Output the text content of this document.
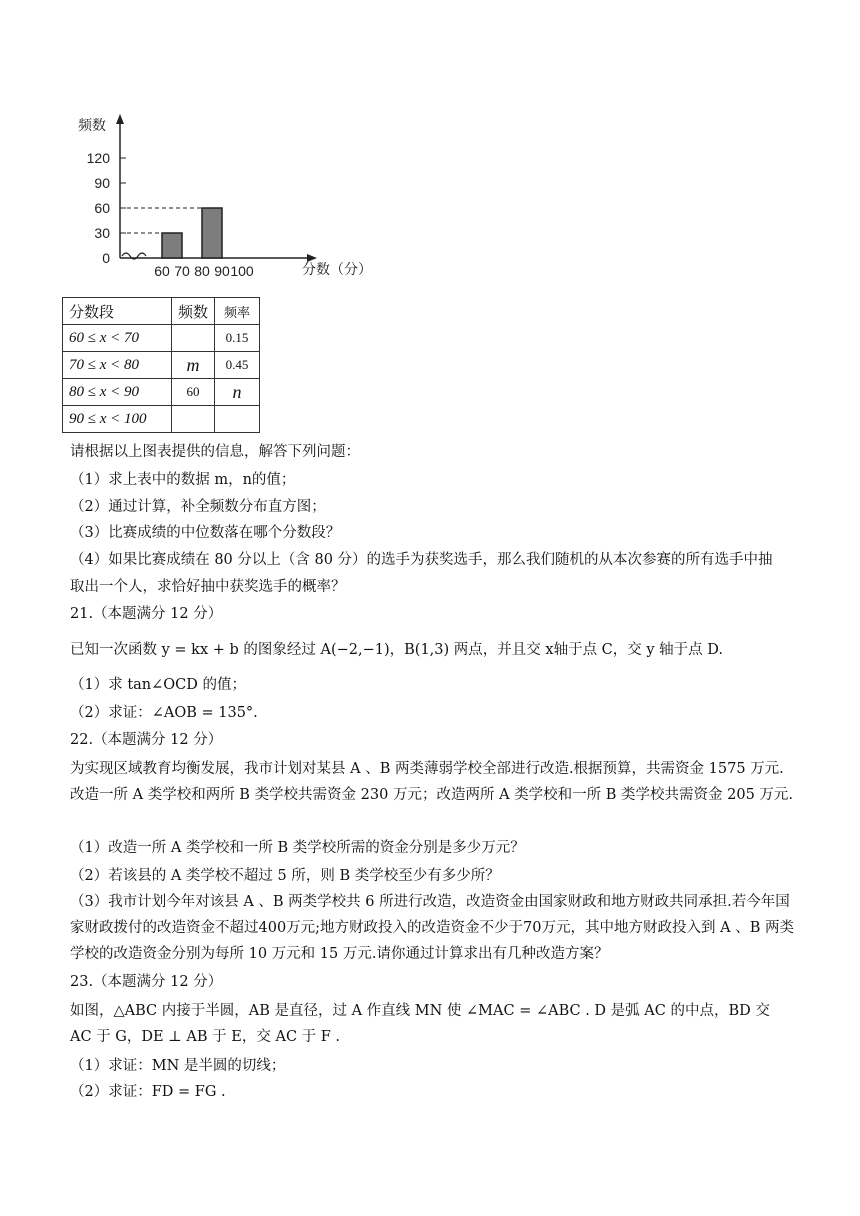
频数
分数（分）
0
30
60
90
120
60 70 80 90 100
分数段	频数	频率
60 ≤ x < 70		0.15
70 ≤ x < 80	m	0.45
80 ≤ x < 90	60	n
90 ≤ x < 100		
请根据以上图表提供的信息，解答下列问题：
（1）求上表中的数据 m，n的值；
（2）通过计算，补全频数分布直方图；
（3）比赛成绩的中位数落在哪个分数段？
（4）如果比赛成绩在 80 分以上（含 80 分）的选手为获奖选手，那么我们随机的从本次参赛的所有选手中抽
取出一个人，求恰好抽中获奖选手的概率？
21.（本题满分 12 分）
已知一次函数 y = kx + b 的图象经过 A(−2,−1)，B(1,3) 两点，并且交 x轴于点 C，交 y 轴于点 D.
（1）求 tan∠OCD 的值；
（2）求证：∠AOB = 135°.
22.（本题满分 12 分）
为实现区域教育均衡发展，我市计划对某县 A 、B 两类薄弱学校全部进行改造.根据预算，共需资金 1575 万元.改造一所 A 类学校和两所 B 类学校共需资金 230 万元；改造两所 A 类学校和一所 B 类学校共需资金 205 万元.
（1）改造一所 A 类学校和一所 B 类学校所需的资金分别是多少万元？
（2）若该县的 A 类学校不超过 5 所，则 B 类学校至少有多少所？
（3）我市计划今年对该县 A 、B 两类学校共 6 所进行改造，改造资金由国家财政和地方财政共同承担.若今年国家财政拨付的改造资金不超过400万元;地方财政投入的改造资金不少于70万元，其中地方财政投入到 A 、B 两类学校的改造资金分别为每所 10 万元和 15 万元.请你通过计算求出有几种改造方案？
23.（本题满分 12 分）
如图，△ABC 内接于半圆，AB 是直径，过 A 作直线 MN 使 ∠MAC = ∠ABC . D 是弧 AC 的中点，BD 交 AC 于 G，DE ⊥ AB 于 E，交 AC 于 F .
（1）求证：MN 是半圆的切线；
（2）求证：FD = FG .
